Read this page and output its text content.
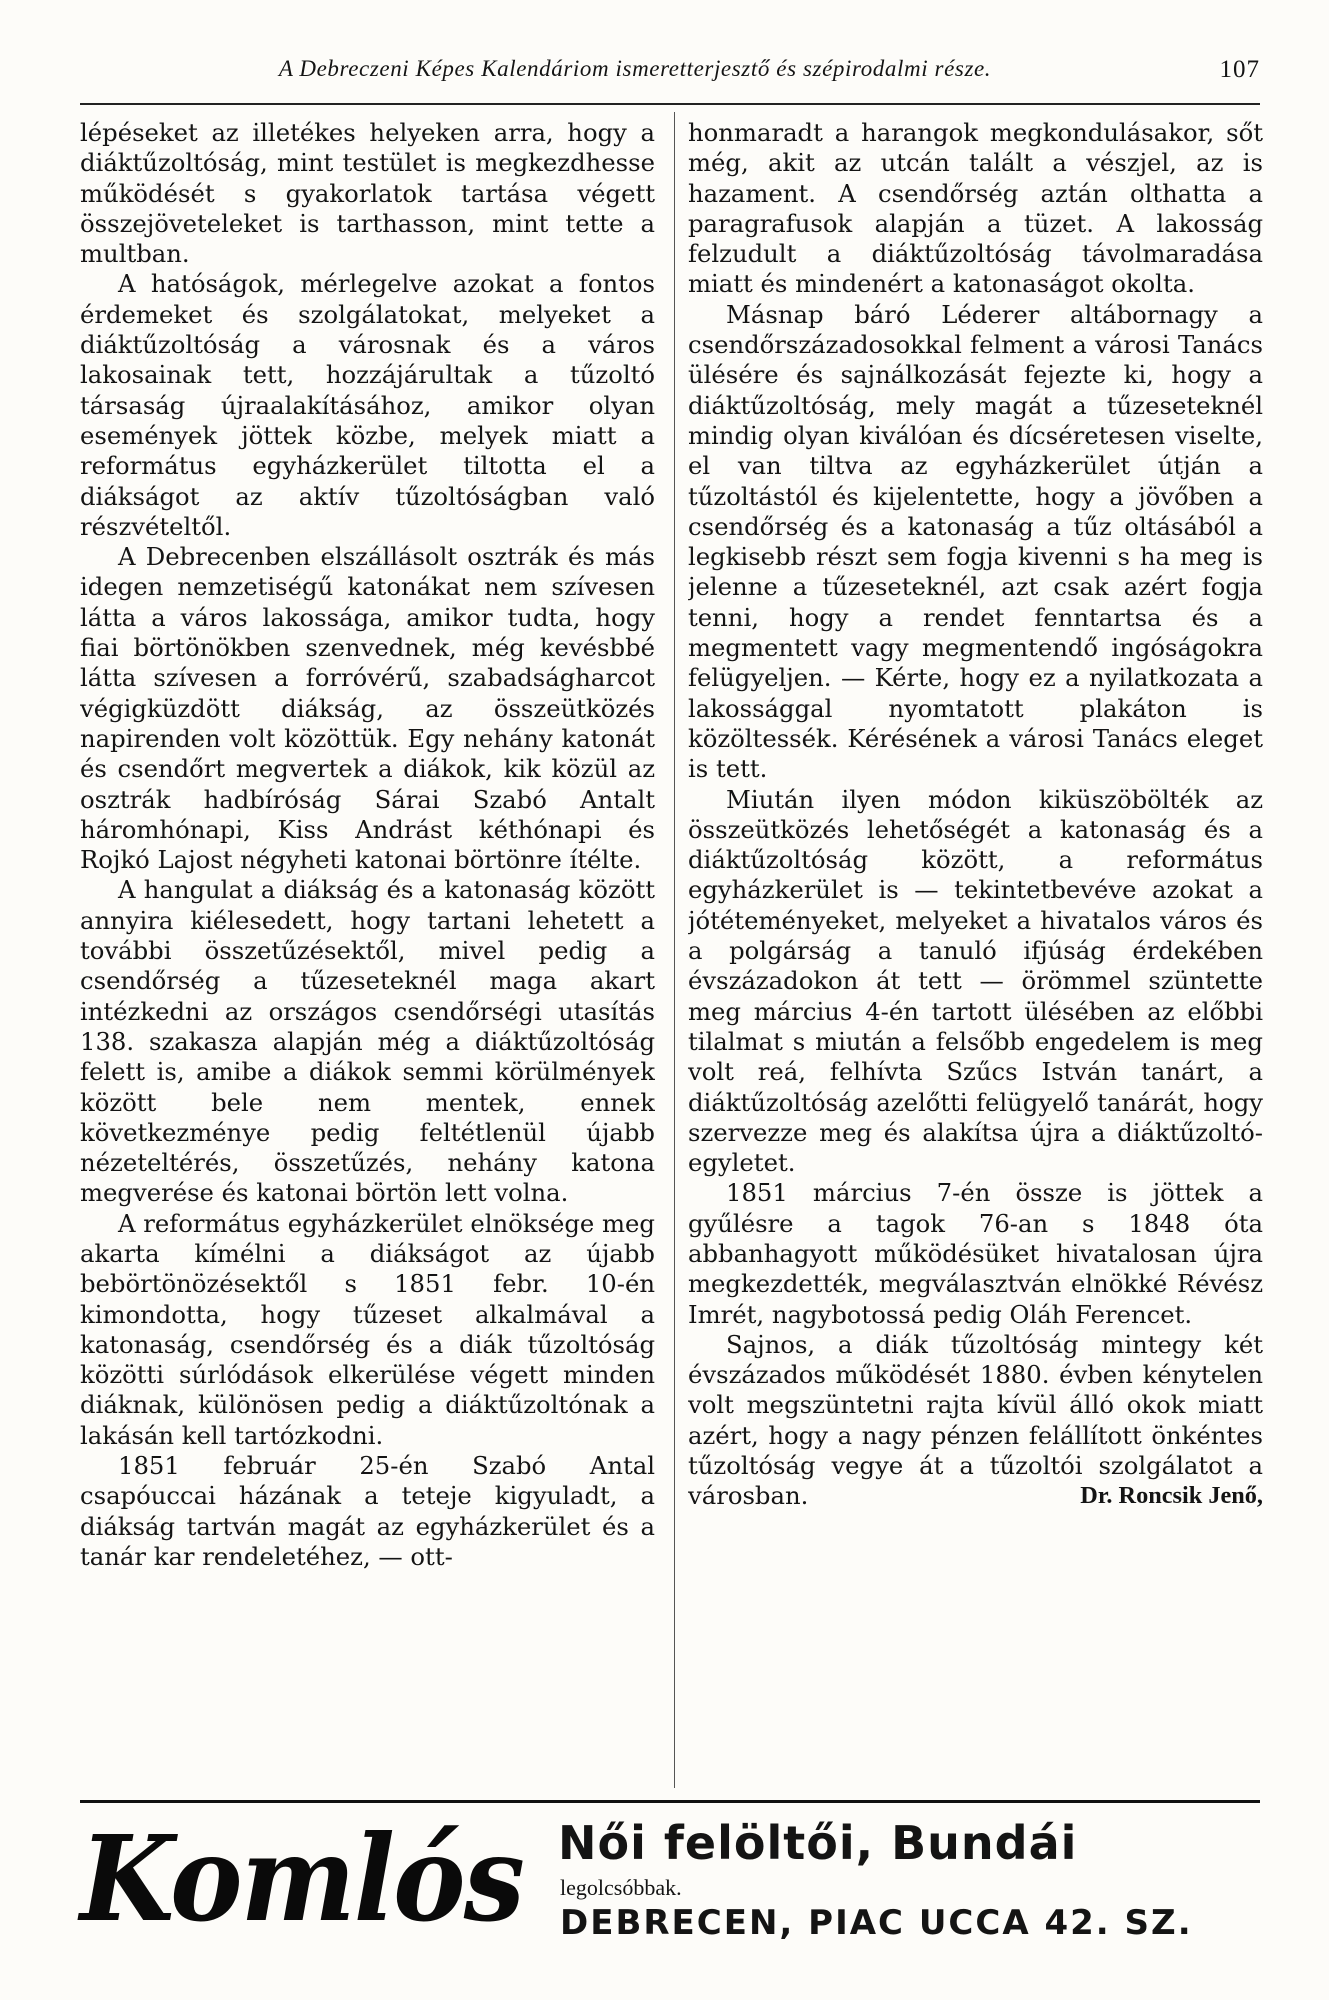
A Debreczeni Képes Kalendáriom ismeretterjesztő és szépirodalmi része.	107

lépéseket az illetékes helyeken arra, hogy a diáktűzoltóság, mint testület is megkezdhesse működését s gyakorlatok tartása végett összejöveteleket is tarthasson, mint tette a multban.

A hatóságok, mérlegelve azokat a fontos érdemeket és szolgálatokat, melyeket a diáktűzoltóság a városnak és a város lakosainak tett, hozzájárultak a tűzoltó társaság újraalakításához, amikor olyan események jöttek közbe, melyek miatt a református egyházkerület tiltotta el a diákságot az aktív tűzoltóságban való részvételtől.

A Debrecenben elszállásolt osztrák és más idegen nemzetiségű katonákat nem szívesen látta a város lakossága, amikor tudta, hogy fiai börtönökben szenvednek, még kevésbbé látta szívesen a forróvérű, szabadságharcot végigküzdött diákság, az összeütközés napirenden volt közöttük. Egy nehány katonát és csendőrt megvertek a diákok, kik közül az osztrák hadbíróság Sárai Szabó Antalt háromhónapi, Kiss Andrást kéthónapi és Rojkó Lajost négyheti katonai börtönre ítélte.

A hangulat a diákság és a katonaság között annyira kiélesedett, hogy tartani lehetett a további összetűzésektől, mivel pedig a csendőrség a tűzeseteknél maga akart intézkedni az országos csendőrségi utasítás 138. szakasza alapján még a diáktűzoltóság felett is, amibe a diákok semmi körülmények között bele nem mentek, ennek következménye pedig feltétlenül újabb nézeteltérés, összetűzés, nehány katona megverése és katonai börtön lett volna.

A református egyházkerület elnöksége meg akarta kímélni a diákságot az újabb bebörtönözésektől s 1851 febr. 10-én kimondotta, hogy tűzeset alkalmával a katonaság, csendőrség és a diák tűzoltóság közötti súrlódások elkerülése végett minden diáknak, különösen pedig a diáktűzoltónak a lakásán kell tartózkodni.

1851 február 25-én Szabó Antal csapóuccai házának a teteje kigyuladt, a diákság tartván magát az egyházkerület és a tanár kar rendeletéhez, — ott-

honmaradt a harangok megkondulásakor, sőt még, akit az utcán talált a vészjel, az is hazament. A csendőrség aztán olthatta a paragrafusok alapján a tüzet. A lakosság felzudult a diáktűzoltóság távolmaradása miatt és mindenért a katonaságot okolta.

Másnap báró Léderer altábornagy a csendőrszázadosokkal felment a városi Tanács ülésére és sajnálkozását fejezte ki, hogy a diáktűzoltóság, mely magát a tűzeseteknél mindig olyan kiválóan és dícséretesen viselte, el van tiltva az egyházkerület útján a tűzoltástól és kijelentette, hogy a jövőben a csendőrség és a katonaság a tűz oltásából a legkisebb részt sem fogja kivenni s ha meg is jelenne a tűzeseteknél, azt csak azért fogja tenni, hogy a rendet fenntartsa és a megmentett vagy megmentendő ingóságokra felügyeljen. — Kérte, hogy ez a nyilatkozata a lakossággal nyomtatott plakáton is közöltessék. Kérésének a városi Tanács eleget is tett.

Miután ilyen módon kiküszöbölték az összeütközés lehetőségét a katonaság és a diáktűzoltóság között, a református egyházkerület is — tekintetbevéve azokat a jótéteményeket, melyeket a hivatalos város és a polgárság a tanuló ifjúság érdekében évszázadokon át tett — örömmel szüntette meg március 4-én tartott ülésében az előbbi tilalmat s miután a felsőbb engedelem is meg volt reá, felhívta Szűcs István tanárt, a diáktűzoltóság azelőtti felügyelő tanárát, hogy szervezze meg és alakítsa újra a diáktűzoltó-egyletet.

1851 március 7-én össze is jöttek a gyűlésre a tagok 76-an s 1848 óta abbanhagyott működésüket hivatalosan újra megkezdették, megválasztván elnökké Révész Imrét, nagybotossá pedig Oláh Ferencet.

Sajnos, a diák tűzoltóság mintegy két évszázados működését 1880. évben kénytelen volt megszüntetni rajta kívül álló okok miatt azért, hogy a nagy pénzen felállított önkéntes tűzoltóság vegye át a tűzoltói szolgálatot a városban.	Dr. Roncsik Jenő,

Komlós Női felöltői, Bundái
legolcsóbbak.
DEBRECEN, PIAC UCCA 42. SZ.
